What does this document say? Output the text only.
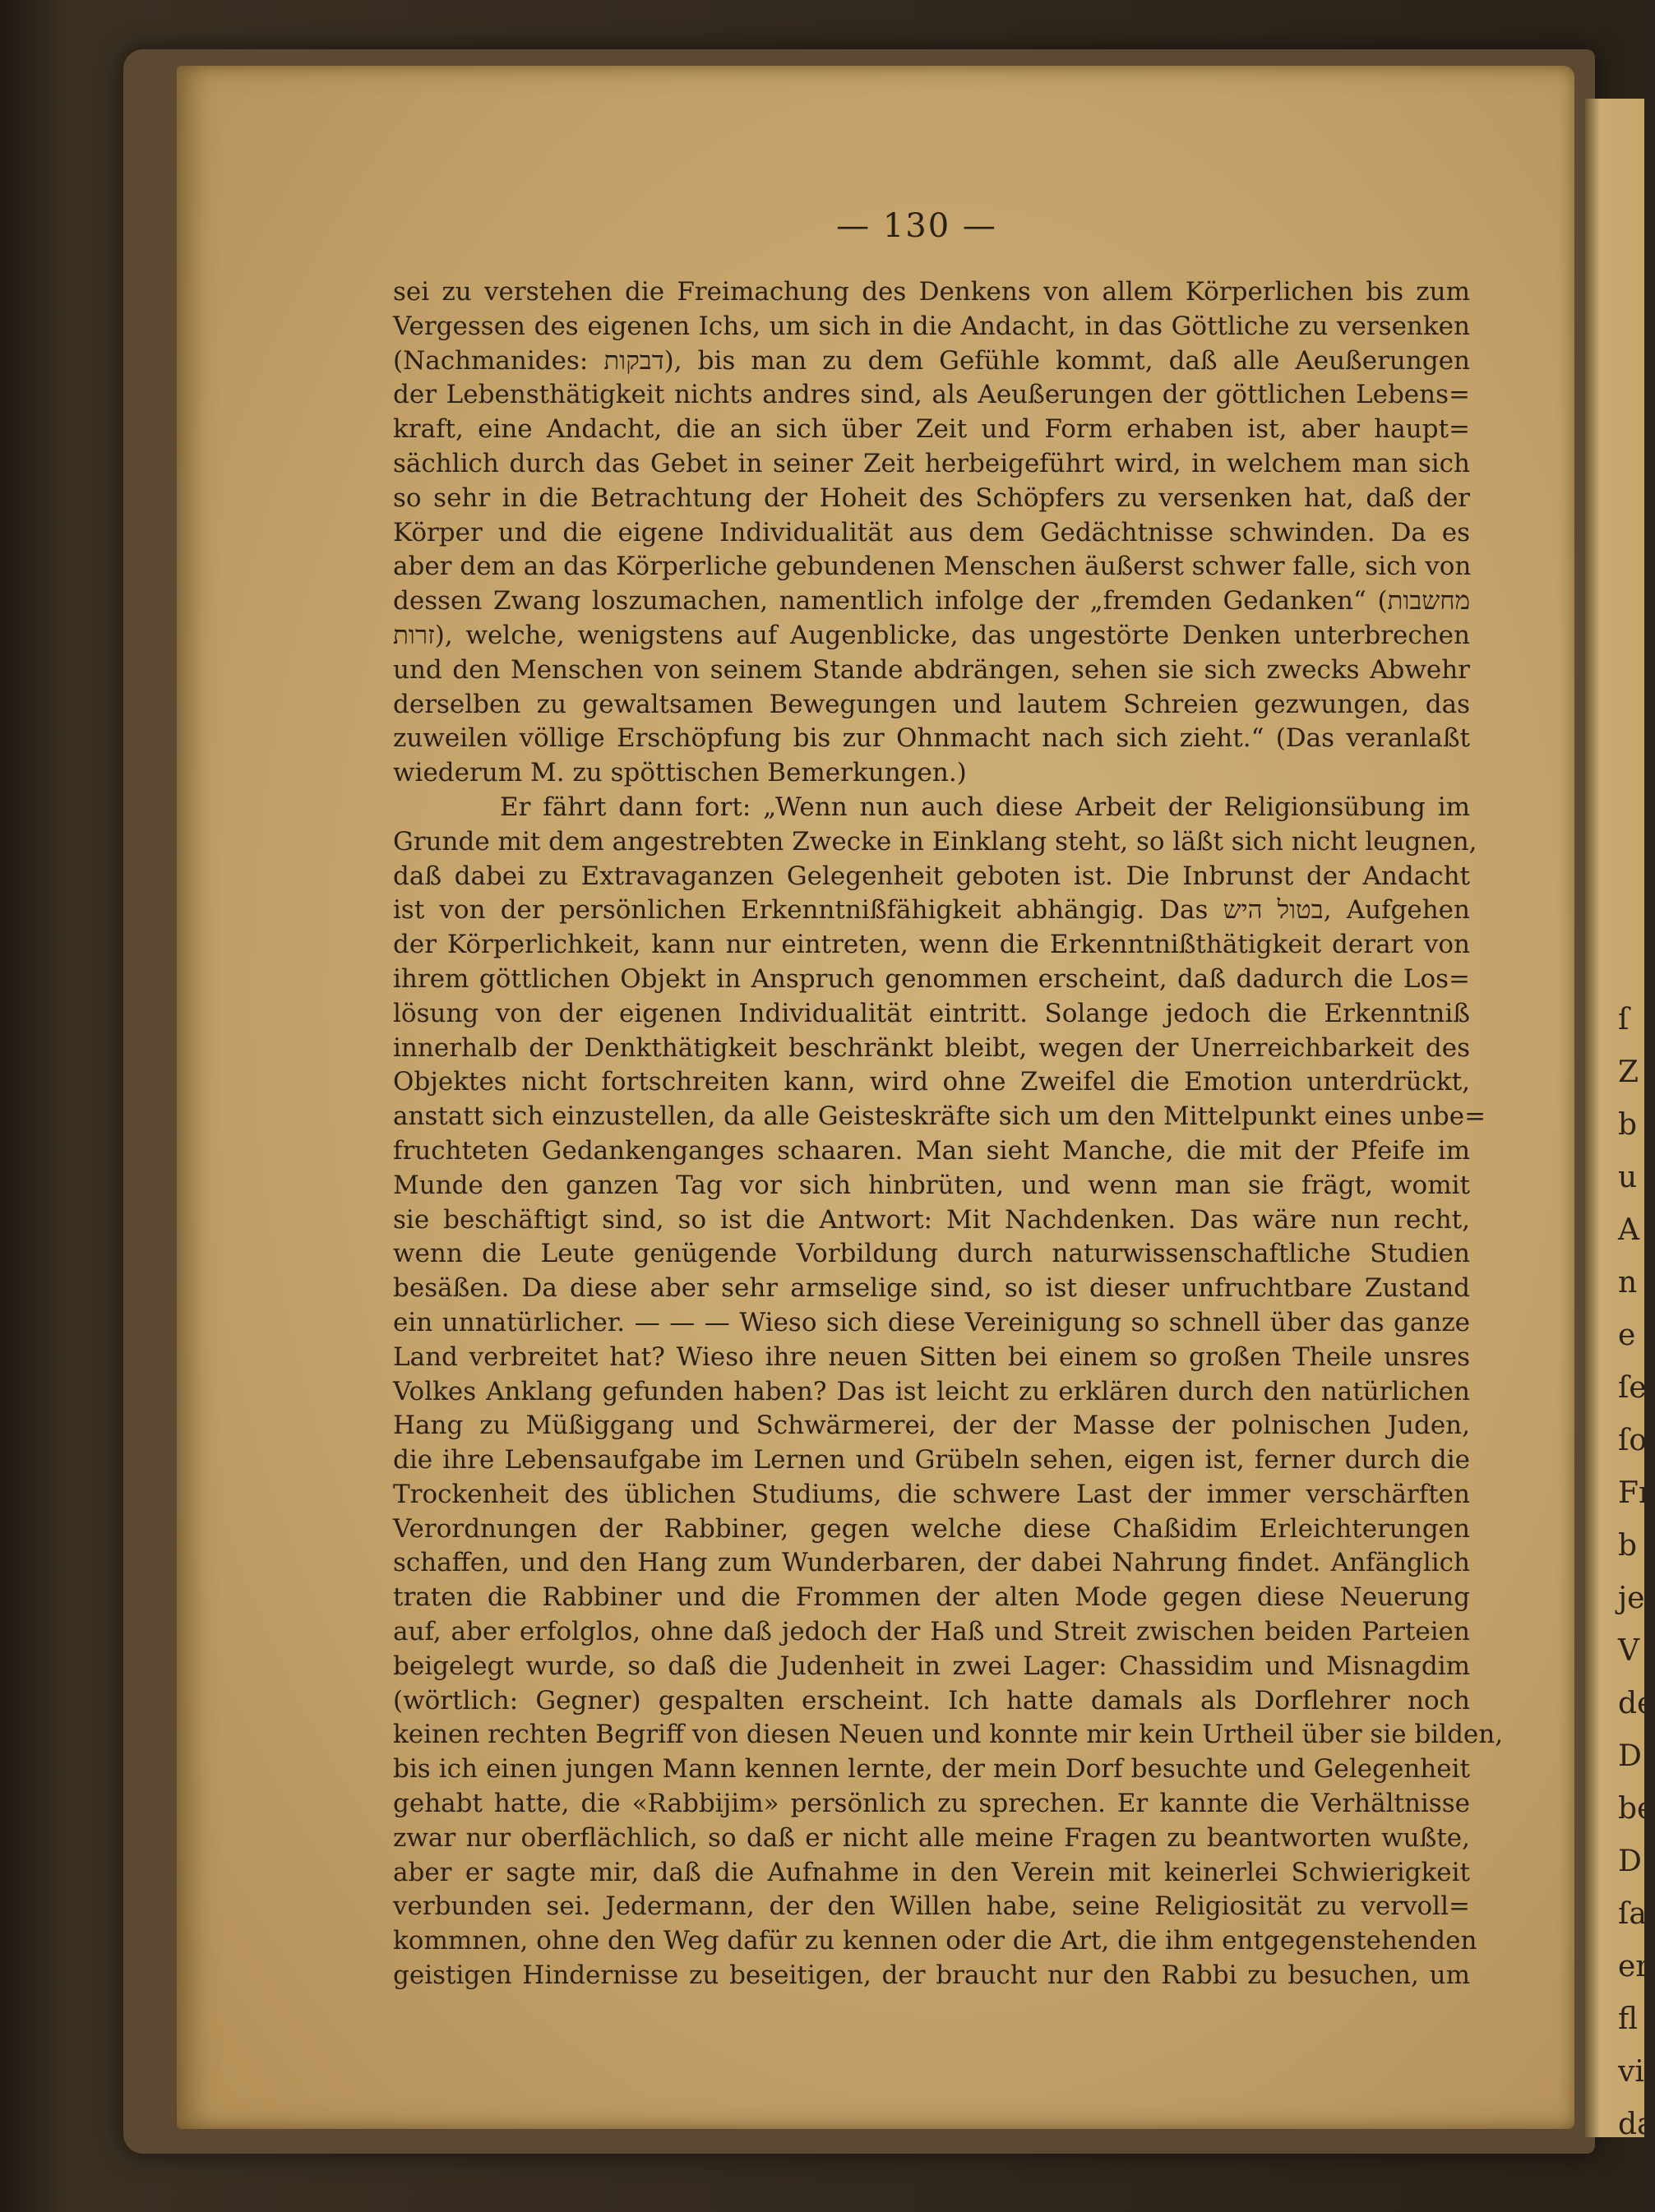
ſ
Z
b
u
A
n
e
ſe
ſo
Fr
b
je
V
de
D
be
D
ſa
er
fl
vi
da
— 130 —
sei zu verstehen die Freimachung des Denkens von allem Körperlichen bis zum
Vergessen des eigenen Ichs, um sich in die Andacht, in das Göttliche zu versenken
(Nachmanides: דבקות), bis man zu dem Gefühle kommt, daß alle Aeußerungen
der Lebensthätigkeit nichts andres sind, als Aeußerungen der göttlichen Lebens=
kraft, eine Andacht, die an sich über Zeit und Form erhaben ist, aber haupt=
sächlich durch das Gebet in seiner Zeit herbeigeführt wird, in welchem man sich
so sehr in die Betrachtung der Hoheit des Schöpfers zu versenken hat, daß der
Körper und die eigene Individualität aus dem Gedächtnisse schwinden. Da es
aber dem an das Körperliche gebundenen Menschen äußerst schwer falle, sich von
dessen Zwang loszumachen, namentlich infolge der „fremden Gedanken“ (מחשבות
זרות), welche, wenigstens auf Augenblicke, das ungestörte Denken unterbrechen
und den Menschen von seinem Stande abdrängen, sehen sie sich zwecks Abwehr
derselben zu gewaltsamen Bewegungen und lautem Schreien gezwungen, das
zuweilen völlige Erschöpfung bis zur Ohnmacht nach sich zieht.“ (Das veranlaßt
wiederum M. zu spöttischen Bemerkungen.)
Er fährt dann fort: „Wenn nun auch diese Arbeit der Religionsübung im
Grunde mit dem angestrebten Zwecke in Einklang steht, so läßt sich nicht leugnen,
daß dabei zu Extravaganzen Gelegenheit geboten ist. Die Inbrunst der Andacht
ist von der persönlichen Erkenntnißfähigkeit abhängig. Das בטול היש, Aufgehen
der Körperlichkeit, kann nur eintreten, wenn die Erkenntnißthätigkeit derart von
ihrem göttlichen Objekt in Anspruch genommen erscheint, daß dadurch die Los=
lösung von der eigenen Individualität eintritt. Solange jedoch die Erkenntniß
innerhalb der Denkthätigkeit beschränkt bleibt, wegen der Unerreichbarkeit des
Objektes nicht fortschreiten kann, wird ohne Zweifel die Emotion unterdrückt,
anstatt sich einzustellen, da alle Geisteskräfte sich um den Mittelpunkt eines unbe=
fruchteten Gedankenganges schaaren. Man sieht Manche, die mit der Pfeife im
Munde den ganzen Tag vor sich hinbrüten, und wenn man sie frägt, womit
sie beschäftigt sind, so ist die Antwort: Mit Nachdenken. Das wäre nun recht,
wenn die Leute genügende Vorbildung durch naturwissenschaftliche Studien
besäßen. Da diese aber sehr armselige sind, so ist dieser unfruchtbare Zustand
ein unnatürlicher. — — — Wieso sich diese Vereinigung so schnell über das ganze
Land verbreitet hat? Wieso ihre neuen Sitten bei einem so großen Theile unsres
Volkes Anklang gefunden haben? Das ist leicht zu erklären durch den natürlichen
Hang zu Müßiggang und Schwärmerei, der der Masse der polnischen Juden,
die ihre Lebensaufgabe im Lernen und Grübeln sehen, eigen ist, ferner durch die
Trockenheit des üblichen Studiums, die schwere Last der immer verschärften
Verordnungen der Rabbiner, gegen welche diese Chaßidim Erleichterungen
schaffen, und den Hang zum Wunderbaren, der dabei Nahrung findet. Anfänglich
traten die Rabbiner und die Frommen der alten Mode gegen diese Neuerung
auf, aber erfolglos, ohne daß jedoch der Haß und Streit zwischen beiden Parteien
beigelegt wurde, so daß die Judenheit in zwei Lager: Chassidim und Misnagdim
(wörtlich: Gegner) gespalten erscheint. Ich hatte damals als Dorflehrer noch
keinen rechten Begriff von diesen Neuen und konnte mir kein Urtheil über sie bilden,
bis ich einen jungen Mann kennen lernte, der mein Dorf besuchte und Gelegenheit
gehabt hatte, die «Rabbijim» persönlich zu sprechen. Er kannte die Verhältnisse
zwar nur oberflächlich, so daß er nicht alle meine Fragen zu beantworten wußte,
aber er sagte mir, daß die Aufnahme in den Verein mit keinerlei Schwierigkeit
verbunden sei. Jedermann, der den Willen habe, seine Religiosität zu vervoll=
kommnen, ohne den Weg dafür zu kennen oder die Art, die ihm entgegenstehenden
geistigen Hindernisse zu beseitigen, der braucht nur den Rabbi zu besuchen, um
